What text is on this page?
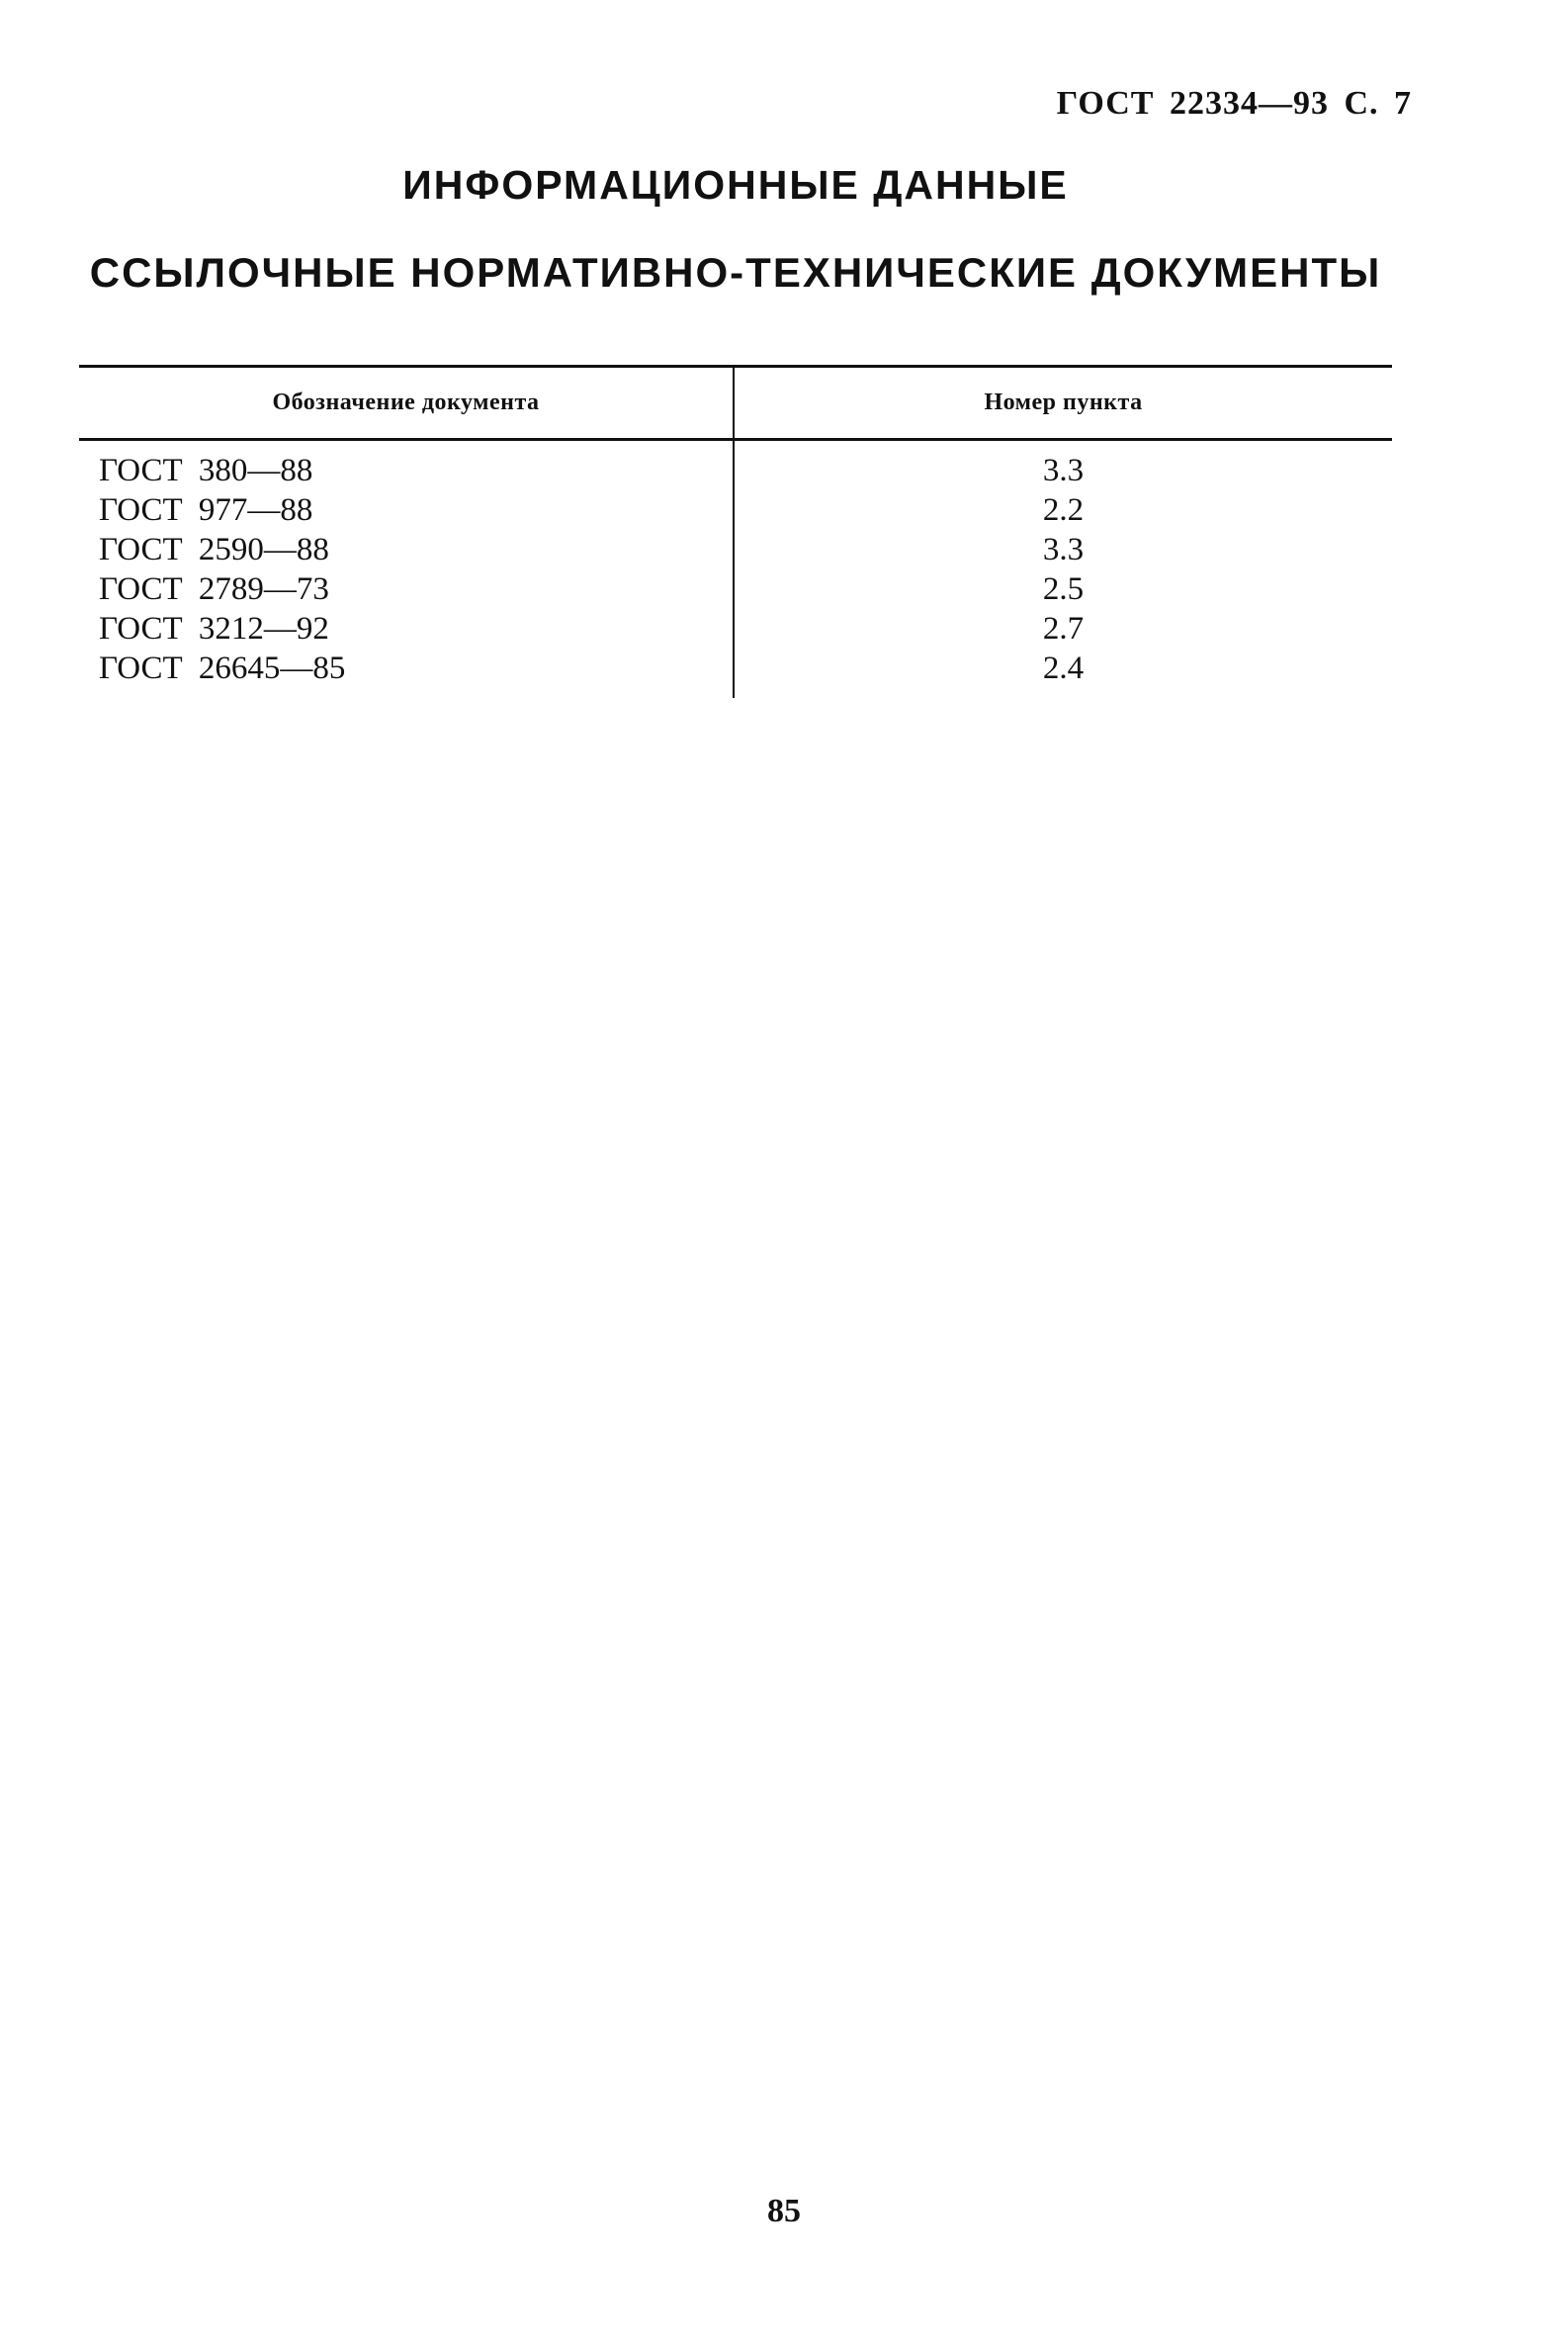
ГОСТ 22334—93 С. 7
ИНФОРМАЦИОННЫЕ ДАННЫЕ
ССЫЛОЧНЫЕ НОРМАТИВНО-ТЕХНИЧЕСКИЕ ДОКУМЕНТЫ
Обозначение документа	Номер пункта
ГОСТ 380—88	3.3
ГОСТ 977—88	2.2
ГОСТ 2590—88	3.3
ГОСТ 2789—73	2.5
ГОСТ 3212—92	2.7
ГОСТ 26645—85	2.4
85
